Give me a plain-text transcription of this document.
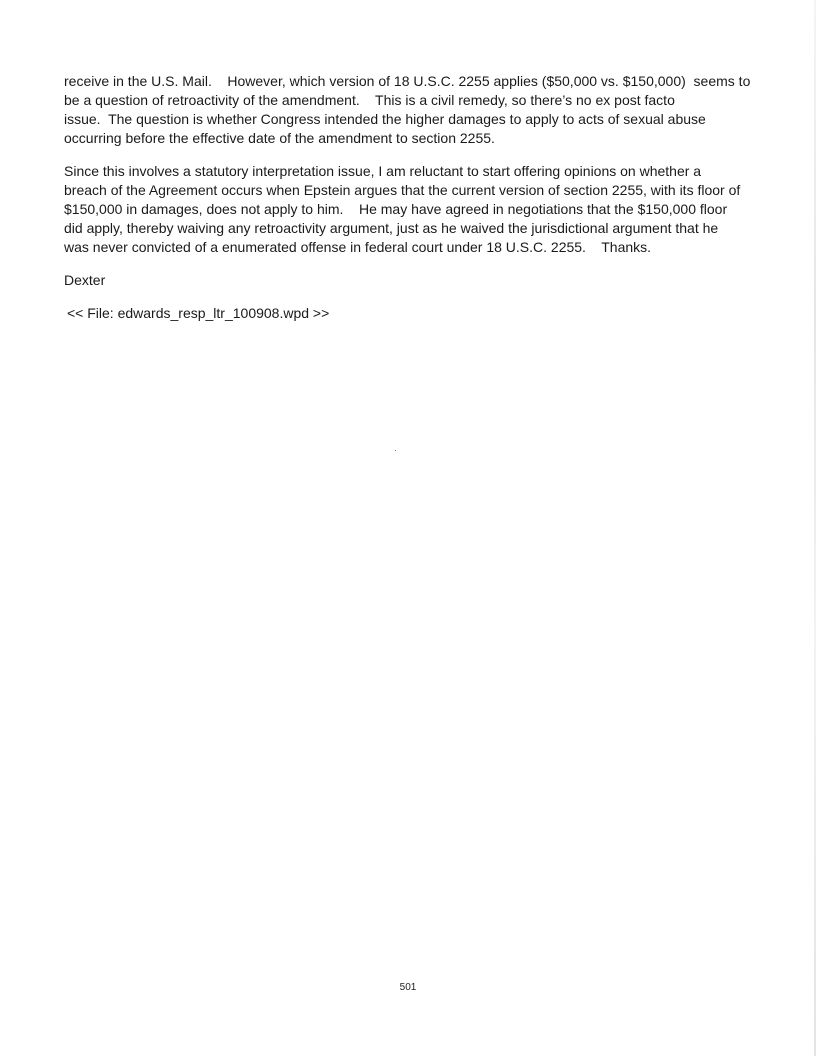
receive in the U.S. Mail.    However, which version of 18 U.S.C. 2255 applies ($50,000 vs. $150,000)  seems to
be a question of retroactivity of the amendment.    This is a civil remedy, so there’s no ex post facto
issue.  The question is whether Congress intended the higher damages to apply to acts of sexual abuse
occurring before the effective date of the amendment to section 2255.

Since this involves a statutory interpretation issue, I am reluctant to start offering opinions on whether a
breach of the Agreement occurs when Epstein argues that the current version of section 2255, with its floor of
$150,000 in damages, does not apply to him.    He may have agreed in negotiations that the $150,000 floor
did apply, thereby waiving any retroactivity argument, just as he waived the jurisdictional argument that he
was never convicted of a enumerated offense in federal court under 18 U.S.C. 2255.    Thanks.

Dexter

<< File: edwards_resp_ltr_100908.wpd >>

501
